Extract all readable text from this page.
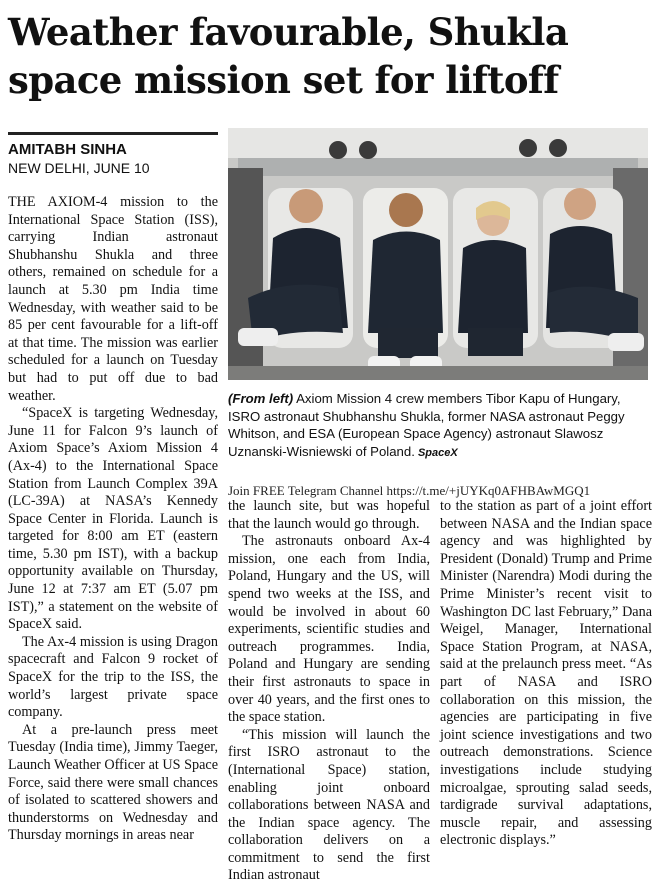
Weather favourable, Shukla space mission set for liftoff
AMITABH SINHA
NEW DELHI, JUNE 10

(From left) Axiom Mission 4 crew members Tibor Kapu of Hungary, ISRO astronaut Shubhanshu Shukla, former NASA astronaut Peggy Whitson, and ESA (European Space Agency) astronaut Slawosz Uznanski-Wisniewski of Poland. SpaceX

Join FREE Telegram Channel https://t.me/+jUYKq0AFHBAwMGQ1

THE AXIOM-4 mission to the International Space Station (ISS), carrying Indian astronaut Shubhanshu Shukla and three others, remained on schedule for a launch at 5.30 pm India time Wednesday, with weather said to be 85 per cent favourable for a lift-off at that time. The mission was earlier scheduled for a launch on Tuesday but had to put off due to bad weather.

“SpaceX is targeting Wednesday, June 11 for Falcon 9’s launch of Axiom Space’s Axiom Mission 4 (Ax-4) to the International Space Station from Launch Complex 39A (LC-39A) at NASA’s Kennedy Space Center in Florida. Launch is targeted for 8:00 am ET (eastern time, 5.30 pm IST), with a backup opportunity available on Thursday, June 12 at 7:37 am ET (5.07 pm IST),” a statement on the website of SpaceX said.

The Ax-4 mission is using Dragon spacecraft and Falcon 9 rocket of SpaceX for the trip to the ISS, the world’s largest private space company.

At a pre-launch press meet Tuesday (India time), Jimmy Taeger, Launch Weather Officer at US Space Force, said there were small chances of isolated to scattered showers and thunderstorms on Wednesday and Thursday mornings in areas near

the launch site, but was hopeful that the launch would go through.

The astronauts onboard Ax-4 mission, one each from India, Poland, Hungary and the US, will spend two weeks at the ISS, and would be involved in about 60 experiments, scientific studies and outreach programmes. India, Poland and Hungary are sending their first astronauts to space in over 40 years, and the first ones to the space station.

“This mission will launch the first ISRO astronaut to the (International Space) station, enabling joint onboard collaborations between NASA and the Indian space agency. The collaboration delivers on a commitment to send the first Indian astronaut

to the station as part of a joint effort between NASA and the Indian space agency and was highlighted by President (Donald) Trump and Prime Minister (Narendra) Modi during the Prime Minister’s recent visit to Washington DC last February,” Dana Weigel, Manager, International Space Station Program, at NASA, said at the prelaunch press meet. “As part of NASA and ISRO collaboration on this mission, the agencies are participating in five joint science investigations and two outreach demonstrations. Science investigations include studying microalgae, sprouting salad seeds, tardigrade survival adaptations, muscle repair, and assessing electronic displays.”
